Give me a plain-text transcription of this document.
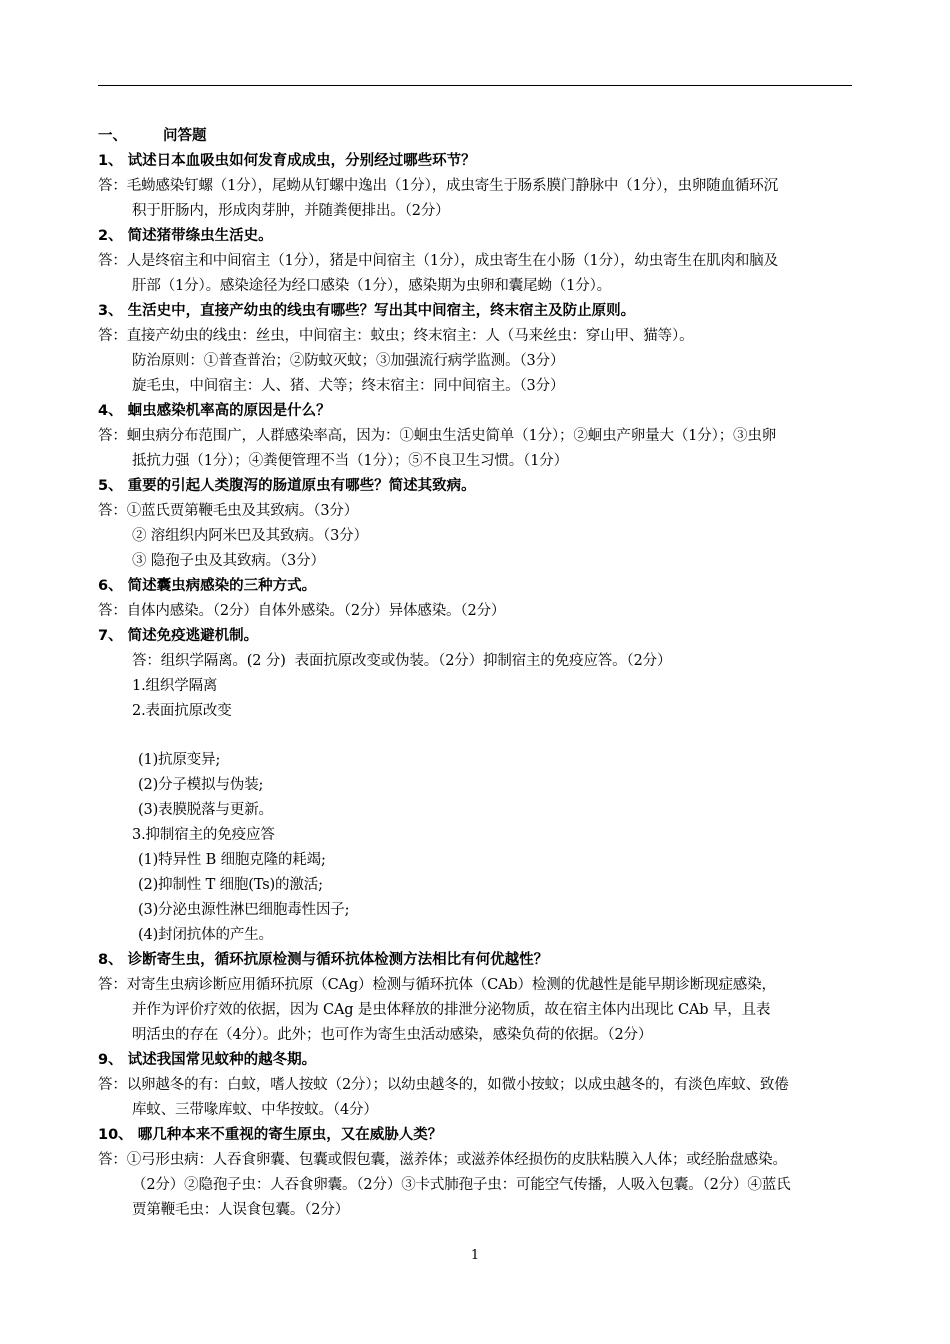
一、 问答题
1、 试述日本血吸虫如何发育成成虫，分别经过哪些环节？
答：毛蚴感染钉螺（1分），尾蚴从钉螺中逸出（1分），成虫寄生于肠系膜门静脉中（1分），虫卵随血循环沉
积于肝肠内，形成肉芽肿，并随粪便排出。（2分）
2、 简述猪带绦虫生活史。
答：人是终宿主和中间宿主（1分），猪是中间宿主（1分），成虫寄生在小肠（1分），幼虫寄生在肌肉和脑及
肝部（1分）。感染途径为经口感染（1分），感染期为虫卵和囊尾蚴（1分）。
3、 生活史中，直接产幼虫的线虫有哪些？写出其中间宿主，终末宿主及防止原则。
答：直接产幼虫的线虫：丝虫，中间宿主：蚊虫；终末宿主：人（马来丝虫：穿山甲、猫等）。
防治原则：①普查普治；②防蚊灭蚊；③加强流行病学监测。（3分）
旋毛虫，中间宿主：人、猪、犬等；终末宿主：同中间宿主。（3分）
4、 蛔虫感染机率高的原因是什么？
答：蛔虫病分布范围广，人群感染率高，因为：①蛔虫生活史简单（1分）；②蛔虫产卵量大（1分）；③虫卵
抵抗力强（1分）；④粪便管理不当（1分）；⑤不良卫生习惯。（1分）
5、 重要的引起人类腹泻的肠道原虫有哪些？简述其致病。
答：①蓝氏贾第鞭毛虫及其致病。（3分）
② 溶组织内阿米巴及其致病。（3分）
③ 隐孢子虫及其致病。（3分）
6、 简述囊虫病感染的三种方式。
答：自体内感染。（2分）自体外感染。（2分）异体感染。（2分）
7、 简述免疫逃避机制。
答：组织学隔离。(2 分)  表面抗原改变或伪装。（2分）抑制宿主的免疫应答。（2分）
1.组织学隔离
2.表面抗原改变
(1)抗原变异;
(2)分子模拟与伪装;
(3)表膜脱落与更新。
3.抑制宿主的免疫应答
(1)特异性 B 细胞克隆的耗竭;
(2)抑制性 T 细胞(Ts)的激活;
(3)分泌虫源性淋巴细胞毒性因子;
(4)封闭抗体的产生。
8、 诊断寄生虫，循环抗原检测与循环抗体检测方法相比有何优越性？
答：对寄生虫病诊断应用循环抗原（CAg）检测与循环抗体（CAb）检测的优越性是能早期诊断现症感染，
并作为评价疗效的依据，因为 CAg 是虫体释放的排泄分泌物质，故在宿主体内出现比 CAb 早，且表
明活虫的存在（4分）。此外；也可作为寄生虫活动感染，感染负荷的依据。（2分）
9、 试述我国常见蚊种的越冬期。
答：以卵越冬的有：白蚊，嗜人按蚊（2分）；以幼虫越冬的，如微小按蚊；以成虫越冬的，有淡色库蚊、致倦
库蚊、三带喙库蚊、中华按蚊。（4分）
10、 哪几种本来不重视的寄生原虫，又在威胁人类？
答：①弓形虫病：人吞食卵囊、包囊或假包囊，滋养体；或滋养体经损伤的皮肤粘膜入人体；或经胎盘感染。
（2分）②隐孢子虫：人吞食卵囊。（2分）③卡式肺孢子虫：可能空气传播，人吸入包囊。（2分）④蓝氏
贾第鞭毛虫：人误食包囊。（2分）
1
